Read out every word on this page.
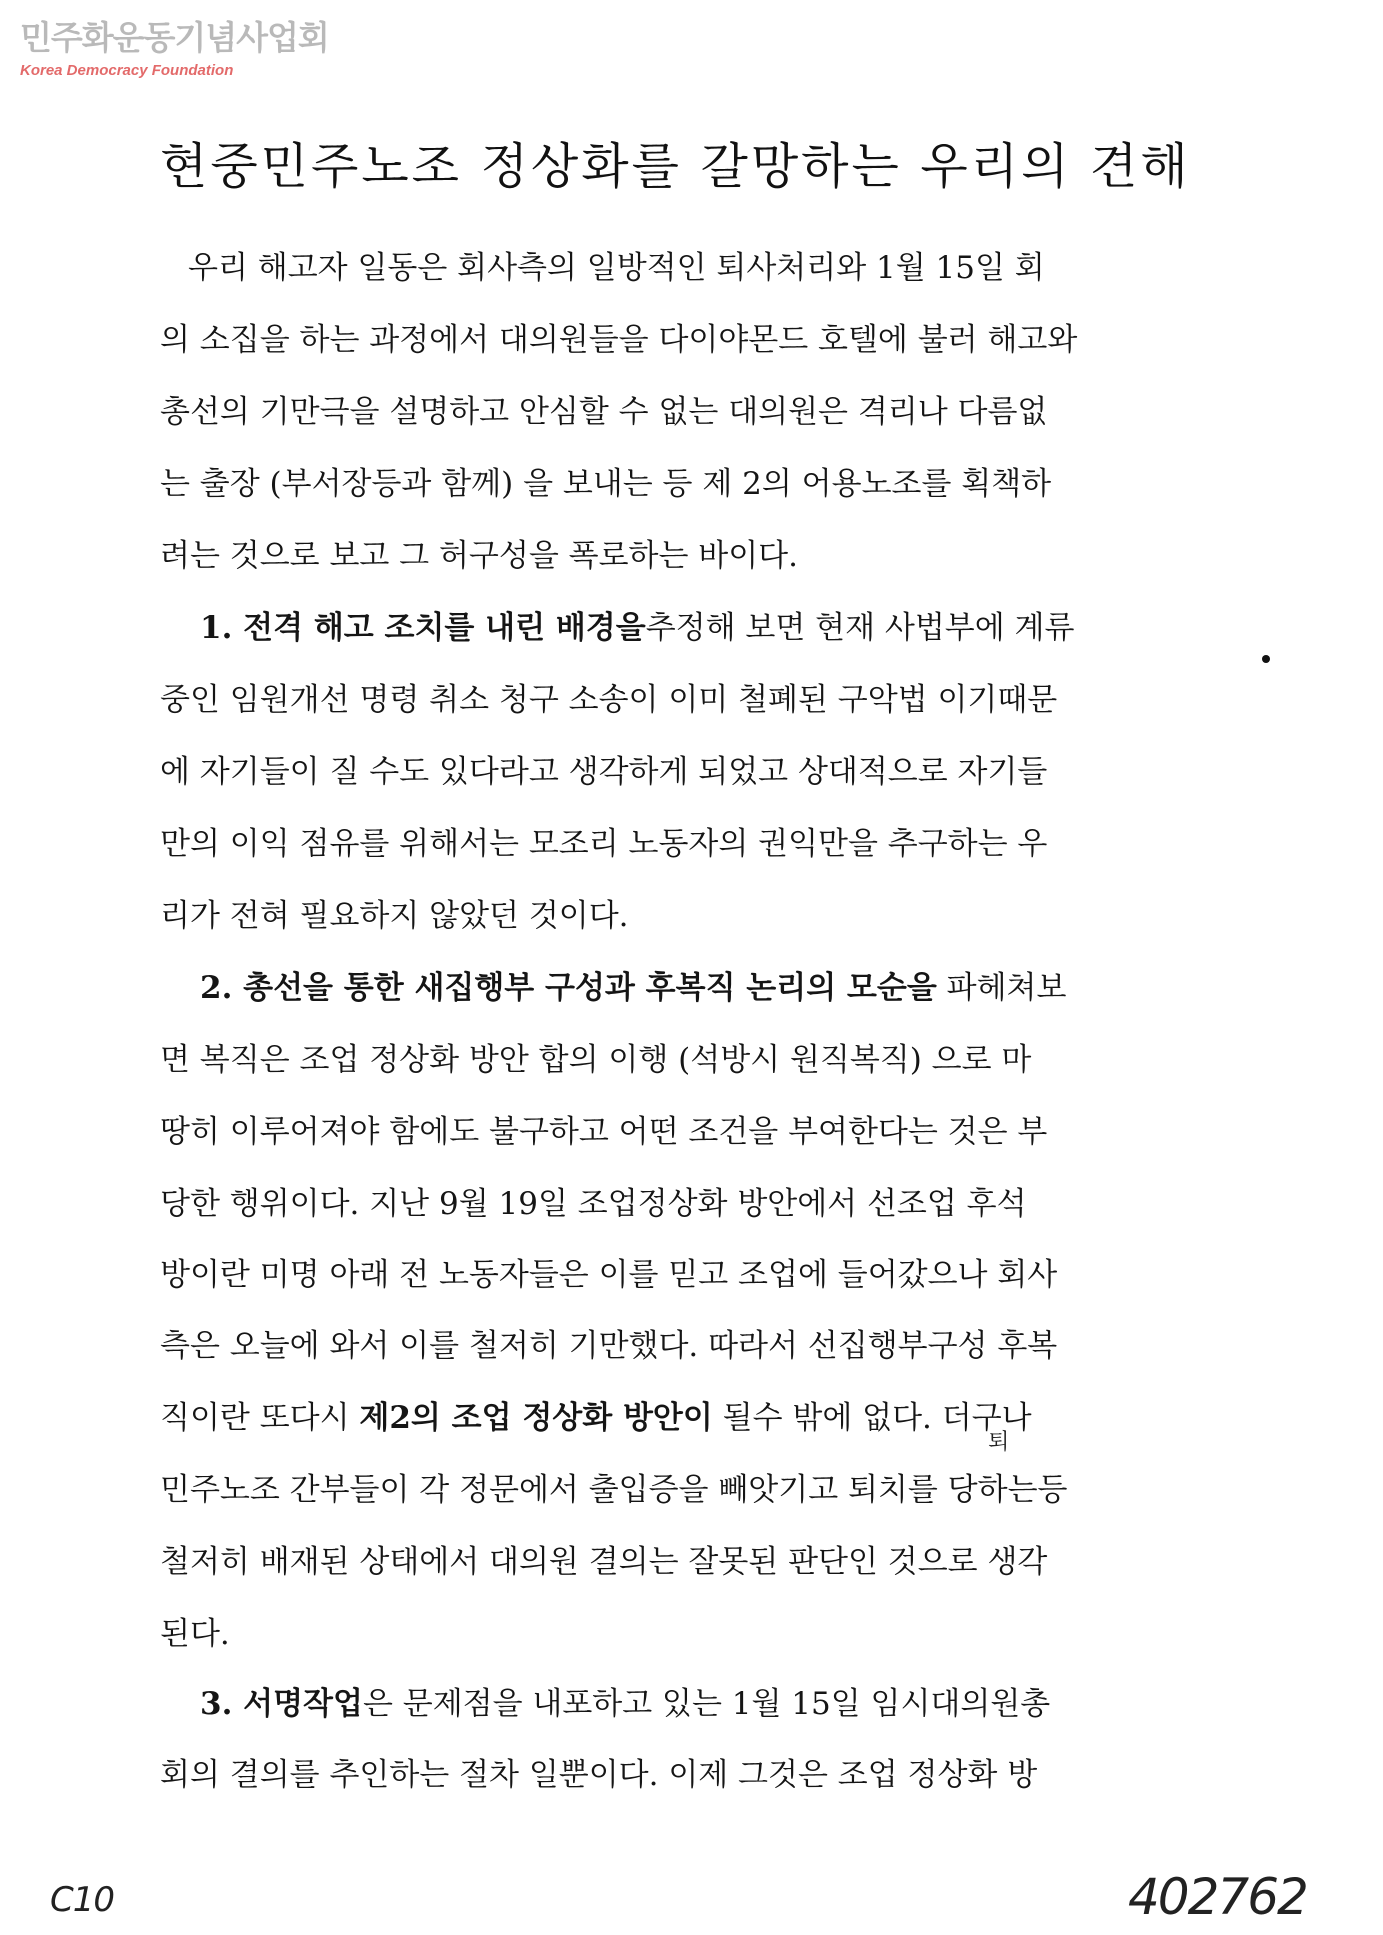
민주화운동기념사업회
Korea Democracy Foundation
현중민주노조 정상화를 갈망하는 우리의 견해
우리 해고자 일동은 회사측의 일방적인 퇴사처리와 1월 15일 회
의 소집을 하는 과정에서 대의원들을 다이야몬드 호텔에 불러 해고와
총선의 기만극을 설명하고 안심할 수 없는 대의원은 격리나 다름없
는 출장 (부서장등과 함께) 을 보내는 등 제 2의 어용노조를 획책하
려는 것으로 보고 그 허구성을 폭로하는 바이다.
1. 전격 해고 조치를 내린 배경을추정해 보면 현재 사법부에 계류
중인 임원개선 명령 취소 청구 소송이 이미 철폐된 구악법 이기때문
에 자기들이 질 수도 있다라고 생각하게 되었고 상대적으로 자기들
만의 이익 점유를 위해서는 모조리 노동자의 권익만을 추구하는 우
리가 전혀 필요하지 않았던 것이다.
2. 총선을 통한 새집행부 구성과 후복직 논리의 모순을 파헤쳐보
면 복직은 조업 정상화 방안 합의 이행 (석방시 원직복직) 으로 마
땅히 이루어져야 함에도 불구하고 어떤 조건을 부여한다는 것은 부
당한 행위이다. 지난 9월 19일 조업정상화 방안에서 선조업 후석
방이란 미명 아래 전 노동자들은 이를 믿고 조업에 들어갔으나 회사
측은 오늘에 와서 이를 철저히 기만했다. 따라서 선집행부구성 후복
직이란 또다시 제2의 조업 정상화 방안이 될수 밖에 없다. 더구나
민주노조 간부들이 각 정문에서 출입증을 빼앗기고 퇴치를 당하는등
철저히 배재된 상태에서 대의원 결의는 잘못된 판단인 것으로 생각
된다.
3. 서명작업은 문제점을 내포하고 있는 1월 15일 임시대의원총
회의 결의를 추인하는 절차 일뿐이다. 이제 그것은 조업 정상화 방
퇴
C10	402762
